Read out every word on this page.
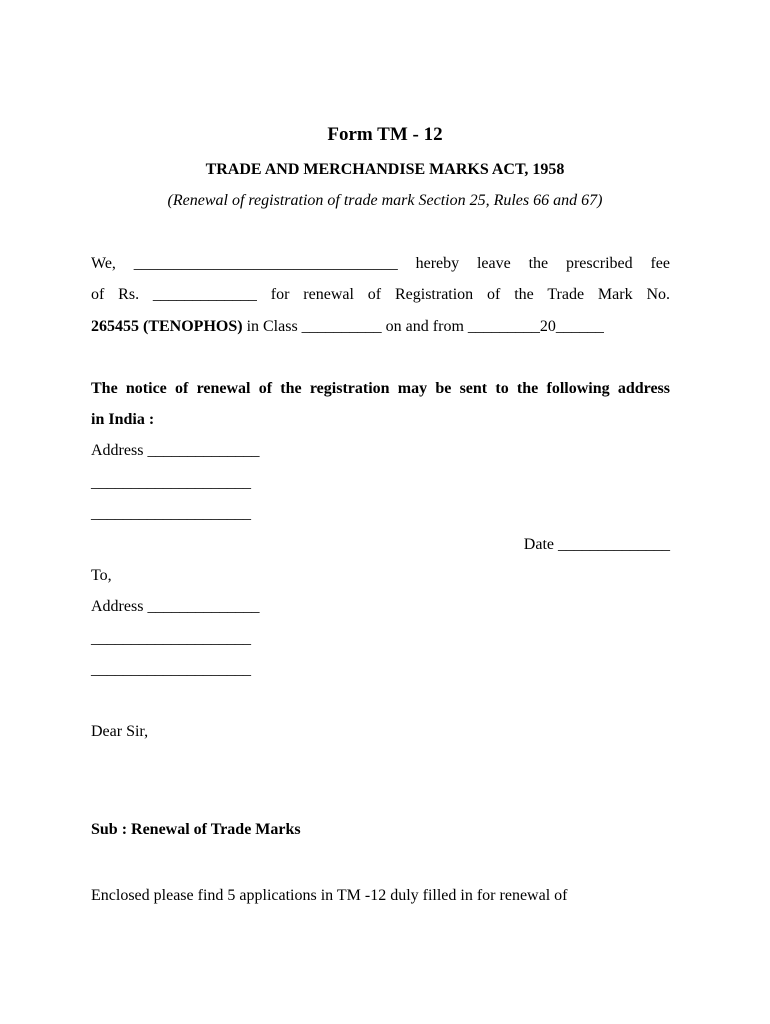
Form TM - 12
TRADE AND MERCHANDISE MARKS ACT, 1958
(Renewal of registration of trade mark Section 25, Rules 66 and 67)
We, _________________________________ hereby leave the prescribed fee
of Rs. _____________ for renewal of Registration of the Trade Mark No.
265455 (TENOPHOS) in Class __________ on and from _________20______
The notice of renewal of the registration may be sent to the following address
in India :
Address ______________
____________________
____________________
Date ______________
To,
Address ______________
____________________
____________________
Dear Sir,
Sub : Renewal of Trade Marks
Enclosed please find 5 applications in TM -12 duly filled in for renewal of
